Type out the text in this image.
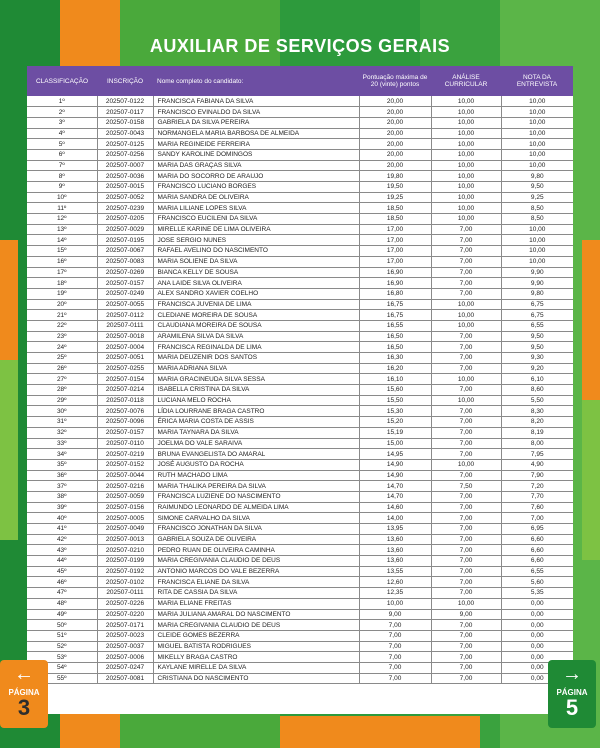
AUXILIAR DE SERVIÇOS GERAIS
CLASSIFICAÇÃO	INSCRIÇÃO	Nome completo do candidato:	Pontuação máxima de 20 (vinte) pontos	ANÁLISE CURRICULAR	NOTA DA ENTREVISTA
1º	202507-0122	FRANCISCA FABIANA DA SILVA	20,00	10,00	10,00
2º	202507-0117	FRANCISCO EVINALDO DA SILVA	20,00	10,00	10,00
3º	202507-0158	GABRIELA DA SILVA PEREIRA	20,00	10,00	10,00
4º	202507-0043	NORMANGELA MARIA BARBOSA DE ALMEIDA	20,00	10,00	10,00
5º	202507-0125	MARIA REGINEIDE FERREIRA	20,00	10,00	10,00
6º	202507-0256	SANDY KAROLINE DOMINGOS	20,00	10,00	10,00
7º	202507-0007	MARIA DAS GRAÇAS SILVA	20,00	10,00	10,00
8º	202507-0036	MARIA DO SOCORRO DE ARAUJO	19,80	10,00	9,80
9º	202507-0015	FRANCISCO LUCIANO BORGES	19,50	10,00	9,50
10º	202507-0052	MARIA SANDRA DE OLIVEIRA	19,25	10,00	9,25
11º	202507-0239	MARIA LILIANE LOPES SILVA	18,50	10,00	8,50
12º	202507-0205	FRANCISCO EUCILENI DA SILVA	18,50	10,00	8,50
13º	202507-0029	MIRELLE KARINE DE LIMA OLIVEIRA	17,00	7,00	10,00
14º	202507-0195	JOSE SERGIO NUNES	17,00	7,00	10,00
15º	202507-0067	RAFAEL AVELINO DO NASCIMENTO	17,00	7,00	10,00
16º	202507-0083	MARIA SOLIENE DA SILVA	17,00	7,00	10,00
17º	202507-0269	BIANCA KELLY DE SOUSA	16,90	7,00	9,90
18º	202507-0157	ANA LAIDE SILVA OLIVEIRA	16,90	7,00	9,90
19º	202507-0249	ALEX SANDRO XAVIER COELHO	16,80	7,00	9,80
20º	202507-0055	FRANCISCA JUVENIA DE LIMA	16,75	10,00	6,75
21º	202507-0112	CLEDIANE MOREIRA DE SOUSA	16,75	10,00	6,75
22º	202507-0111	CLAUDIANA MOREIRA DE SOUSA	16,55	10,00	6,55
23º	202507-0018	ARAMILENA SILVA DA SILVA	16,50	7,00	9,50
24º	202507-0004	FRANCISCA REGINALDA DE LIMA	16,50	7,00	9,50
25º	202507-0051	MARIA DEUZENIR DOS SANTOS	16,30	7,00	9,30
26º	202507-0255	MARIA ADRIANA SILVA	16,20	7,00	9,20
27º	202507-0154	MARIA GRACINEUDA SILVA SESSA	16,10	10,00	6,10
28º	202507-0214	ISABELLA CRISTINA DA SILVA	15,60	7,00	8,60
29º	202507-0118	LUCIANA MELO ROCHA	15,50	10,00	5,50
30º	202507-0076	LÍDIA LOURRANE BRAGA CASTRO	15,30	7,00	8,30
31º	202507-0096	ÉRICA MARIA COSTA DE ASSIS	15,20	7,00	8,20
32º	202507-0157	MARIA TAYNARA DA SILVA	15,19	7,00	8,19
33º	202507-0110	JOELMA DO VALE SARAIVA	15,00	7,00	8,00
34º	202507-0219	BRUNA EVANGELISTA DO AMARAL	14,95	7,00	7,95
35º	202507-0152	JOSÉ AUGUSTO DA ROCHA	14,90	10,00	4,90
36º	202507-0044	RUTH MACHADO LIMA	14,90	7,00	7,90
37º	202507-0216	MARIA THALIKA PEREIRA DA SILVA	14,70	7,50	7,20
38º	202507-0059	FRANCISCA LUZIENE DO NASCIMENTO	14,70	7,00	7,70
39º	202507-0156	RAIMUNDO LEONARDO DE ALMEIDA LIMA	14,60	7,00	7,60
40º	202507-0005	SIMONE CARVALHO DA SILVA	14,00	7,00	7,00
41º	202507-0049	FRANCISCO JONATHAN DA SILVA	13,95	7,00	6,95
42º	202507-0013	GABRIELA SOUZA DE OLIVEIRA	13,60	7,00	6,60
43º	202507-0210	PEDRO RUAN DE OLIVEIRA CAMINHA	13,60	7,00	6,60
44º	202507-0199	MARIA CREGIVANIA CLAUDIO DE DEUS	13,60	7,00	6,60
45º	202507-0192	ANTONIO MARCOS DO VALE BEZERRA	13,55	7,00	6,55
46º	202507-0102	FRANCISCA ELIANE DA SILVA	12,60	7,00	5,60
47º	202507-0111	RITA DE CASSIA DA SILVA	12,35	7,00	5,35
48º	202507-0226	MARIA ELIANE FREITAS	10,00	10,00	0,00
49º	202507-0220	MARIA JULIANA AMARAL DO NASCIMENTO	9,00	9,00	0,00
50º	202507-0171	MARIA CREGIVANIA CLAUDIO DE DEUS	7,00	7,00	0,00
51º	202507-0023	CLEIDE GOMES BEZERRA	7,00	7,00	0,00
52º	202507-0037	MIGUEL BATISTA RODRIGUES	7,00	7,00	0,00
53º	202507-0006	MIKELLY BRAGA CASTRO	7,00	7,00	0,00
54º	202507-0247	KAYLANE MIRELLE DA SILVA	7,00	7,00	0,00
55º	202507-0081	CRISTIANA DO NASCIMENTO	7,00	7,00	0,00
←
PÁGINA
3
→
PÁGINA
5
